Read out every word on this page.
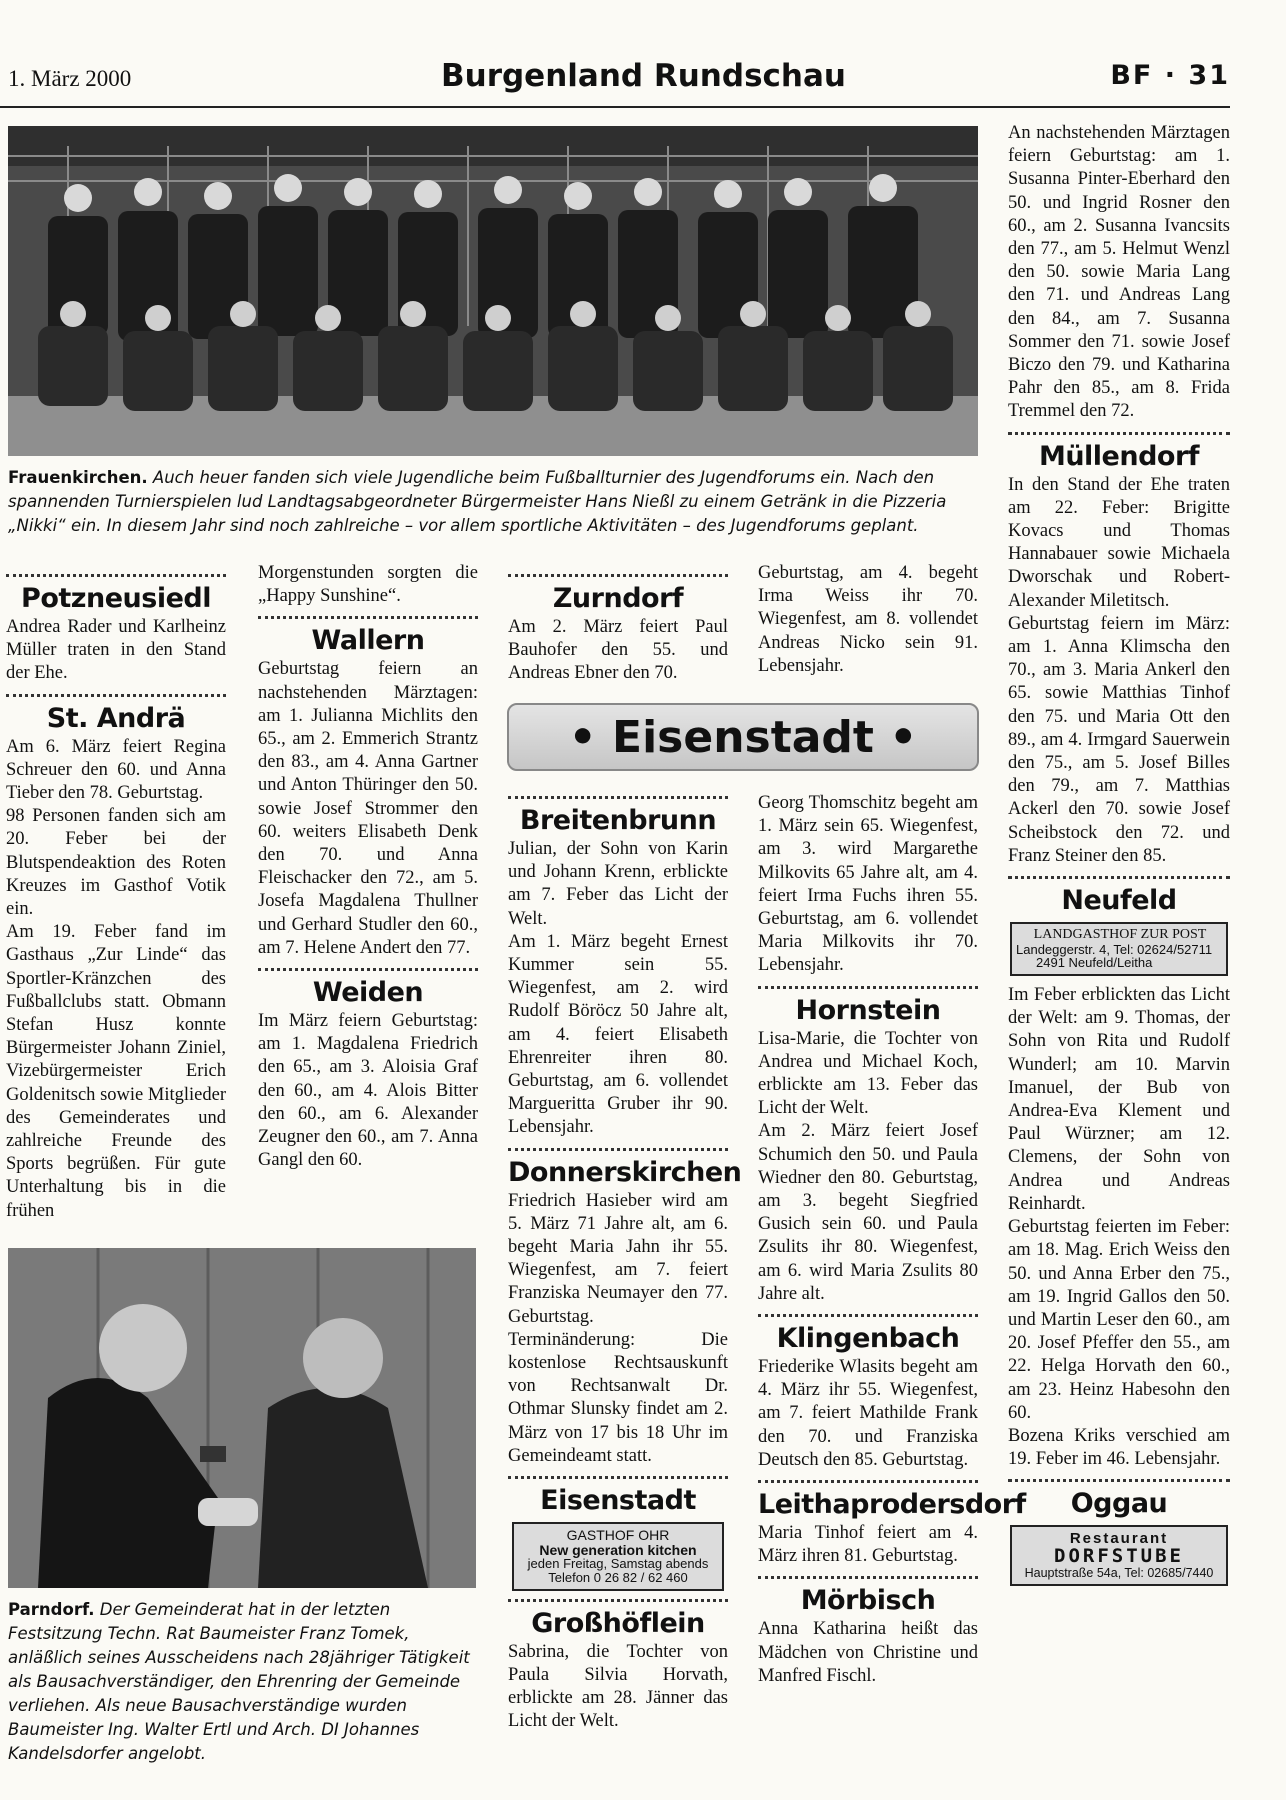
1. März 2000	Burgenland Rundschau	BF · 31
Frauenkirchen. Auch heuer fanden sich viele Jugendliche beim Fußballturnier des Jugendforums ein. Nach den spannenden Turnierspielen lud Landtagsabgeordneter Bürgermeister Hans Nießl zu einem Getränk in die Pizzeria „Nikki“ ein. In diesem Jahr sind noch zahlreiche – vor allem sportliche Aktivitäten – des Jugendforums geplant.
Potzneusiedl

Andrea Rader und Karlheinz Müller traten in den Stand der Ehe.

St. Andrä

Am 6. März feiert Regina Schreuer den 60. und Anna Tieber den 78. Geburtstag.

98 Personen fanden sich am 20. Feber bei der Blutspendeaktion des Roten Kreuzes im Gasthof Votik ein.

Am 19. Feber fand im Gasthaus „Zur Linde“ das Sportler-Kränzchen des Fußballclubs statt. Obmann Stefan Husz konnte Bürgermeister Johann Ziniel, Vizebürgermeister Erich Goldenitsch sowie Mitglieder des Gemeinderates und zahlreiche Freunde des Sports begrüßen. Für gute Unterhaltung bis in die frühen

Morgenstunden sorgten die „Happy Sunshine“.

Wallern

Geburtstag feiern an nachstehenden Märztagen: am 1. Julianna Michlits den 65., am 2. Emmerich Strantz den 83., am 4. Anna Gartner und Anton Thüringer den 50. sowie Josef Strommer den 60. weiters Elisabeth Denk den 70. und Anna Fleischacker den 72., am 5. Josefa Magdalena Thullner und Gerhard Studler den 60., am 7. Helene Andert den 77.

Weiden

Im März feiern Geburtstag: am 1. Magdalena Friedrich den 65., am 3. Aloisia Graf den 60., am 4. Alois Bitter den 60., am 6. Alexander Zeugner den 60., am 7. Anna Gangl den 60.

Parndorf. Der Gemeinderat hat in der letzten Festsitzung Techn. Rat Baumeister Franz Tomek, anläßlich seines Ausscheidens nach 28jähriger Tätigkeit als Bausachverständiger, den Ehrenring der Gemeinde verliehen. Als neue Bausachverständige wurden Baumeister Ing. Walter Ertl und Arch. DI Johannes Kandelsdorfer angelobt.
Zurndorf

Am 2. März feiert Paul Bauhofer den 55. und Andreas Ebner den 70.

Geburtstag, am 4. begeht Irma Weiss ihr 70. Wiegenfest, am 8. vollendet Andreas Nicko sein 91. Lebensjahr.

• Eisenstadt •
Breitenbrunn

Julian, der Sohn von Karin und Johann Krenn, erblickte am 7. Feber das Licht der Welt.

Am 1. März begeht Ernest Kummer sein 55. Wiegenfest, am 2. wird Rudolf Böröcz 50 Jahre alt, am 4. feiert Elisabeth Ehrenreiter ihren 80. Geburtstag, am 6. vollendet Margueritta Gruber ihr 90. Lebensjahr.

Donnerskirchen

Friedrich Hasieber wird am 5. März 71 Jahre alt, am 6. begeht Maria Jahn ihr 55. Wiegenfest, am 7. feiert Franziska Neumayer den 77. Geburtstag.

Terminänderung: Die kostenlose Rechtsauskunft von Rechtsanwalt Dr. Othmar Slunsky findet am 2. März von 17 bis 18 Uhr im Gemeindeamt statt.

Eisenstadt
GASTHOF OHR
New generation kitchen
jeden Freitag, Samstag abends
Telefon 0 26 82 / 62 460
Großhöflein

Sabrina, die Tochter von Paula Silvia Horvath, erblickte am 28. Jänner das Licht der Welt.

Georg Thomschitz begeht am 1. März sein 65. Wiegenfest, am 3. wird Margarethe Milkovits 65 Jahre alt, am 4. feiert Irma Fuchs ihren 55. Geburtstag, am 6. vollendet Maria Milkovits ihr 70. Lebensjahr.

Hornstein

Lisa-Marie, die Tochter von Andrea und Michael Koch, erblickte am 13. Feber das Licht der Welt.

Am 2. März feiert Josef Schumich den 50. und Paula Wiedner den 80. Geburtstag, am 3. begeht Siegfried Gusich sein 60. und Paula Zsulits ihr 80. Wiegenfest, am 6. wird Maria Zsulits 80 Jahre alt.

Klingenbach

Friederike Wlasits begeht am 4. März ihr 55. Wiegenfest, am 7. feiert Mathilde Frank den 70. und Franziska Deutsch den 85. Geburtstag.

Leithaprodersdorf

Maria Tinhof feiert am 4. März ihren 81. Geburtstag.

Mörbisch

Anna Katharina heißt das Mädchen von Christine und Manfred Fischl.

An nachstehenden Märztagen feiern Geburtstag: am 1. Susanna Pinter-Eberhard den 50. und Ingrid Rosner den 60., am 2. Susanna Ivancsits den 77., am 5. Helmut Wenzl den 50. sowie Maria Lang den 71. und Andreas Lang den 84., am 7. Susanna Sommer den 71. sowie Josef Biczo den 79. und Katharina Pahr den 85., am 8. Frida Tremmel den 72.

Müllendorf

In den Stand der Ehe traten am 22. Feber: Brigitte Kovacs und Thomas Hannabauer sowie Michaela Dworschak und Robert-Alexander Miletitsch.

Geburtstag feiern im März: am 1. Anna Klimscha den 70., am 3. Maria Ankerl den 65. sowie Matthias Tinhof den 75. und Maria Ott den 89., am 4. Irmgard Sauerwein den 75., am 5. Josef Billes den 79., am 7. Matthias Ackerl den 70. sowie Josef Scheibstock den 72. und Franz Steiner den 85.

Neufeld
LANDGASTHOF ZUR POST
Landeggerstr. 4, Tel: 02624/52711
2491 Neufeld/Leitha

Im Feber erblickten das Licht der Welt: am 9. Thomas, der Sohn von Rita und Rudolf Wunderl; am 10. Marvin Imanuel, der Bub von Andrea-Eva Klement und Paul Würzner; am 12. Clemens, der Sohn von Andrea und Andreas Reinhardt.

Geburtstag feierten im Feber: am 18. Mag. Erich Weiss den 50. und Anna Erber den 75., am 19. Ingrid Gallos den 50. und Martin Leser den 60., am 20. Josef Pfeffer den 55., am 22. Helga Horvath den 60., am 23. Heinz Habesohn den 60.

Bozena Kriks verschied am 19. Feber im 46. Lebensjahr.

Oggau
Restaurant
DORFSTUBE
Hauptstraße 54a, Tel: 02685/7440
